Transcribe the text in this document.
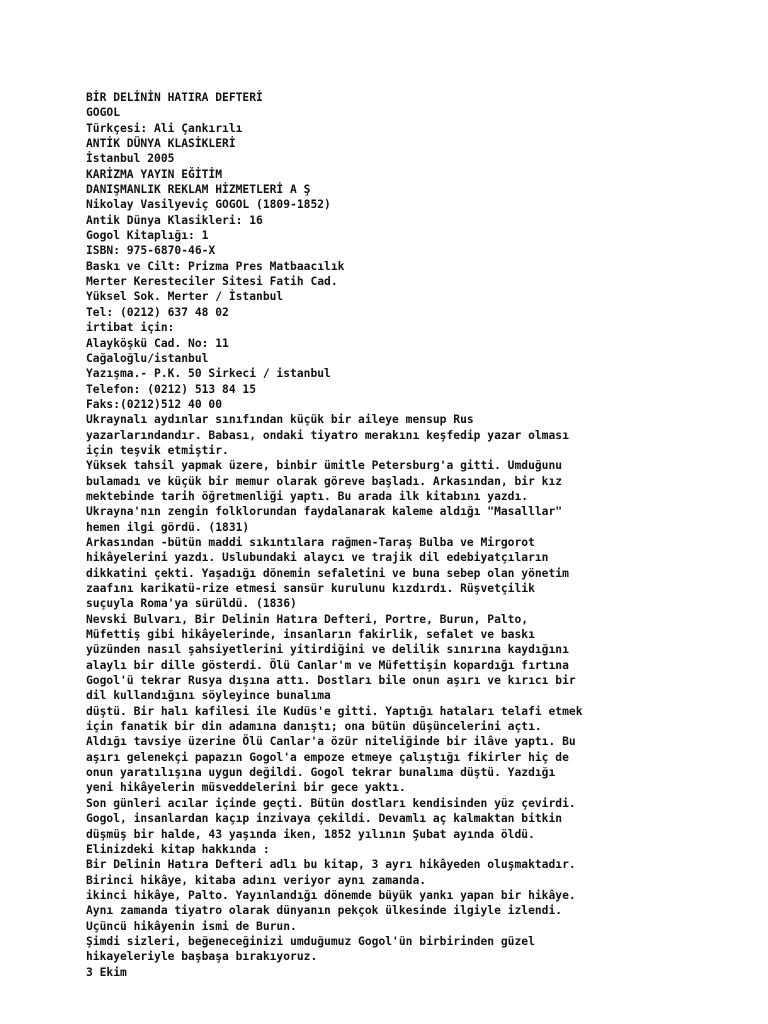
BİR DELİNİN HATIRA DEFTERİ
GOGOL
Türkçesi: Ali Çankırılı
ANTİK DÜNYA KLASİKLERİ
İstanbul 2005
KARİZMA YAYIN EĞİTİM
DANIŞMANLIK REKLAM HİZMETLERİ A Ş
Nikolay Vasilyeviç GOGOL (1809-1852)
Antik Dünya Klasikleri: 16
Gogol Kitaplığı: 1
ISBN: 975-6870-46-X
Baskı ve Cilt: Prizma Pres Matbaacılık
Merter Keresteciler Sitesi Fatih Cad.
Yüksel Sok. Merter / İstanbul
Tel: (0212) 637 48 02
irtibat için:
Alayköşkü Cad. No: 11
Cağaloğlu/istanbul
Yazışma.- P.K. 50 Sirkeci / istanbul
Telefon: (0212) 513 84 15
Faks:(0212)512 40 00
Ukraynalı aydınlar sınıfından küçük bir aileye mensup Rus
yazarlarındandır. Babası, ondaki tiyatro merakını keşfedip yazar olması
için teşvik etmiştir.
Yüksek tahsil yapmak üzere, binbir ümitle Petersburg'a gitti. Umduğunu
bulamadı ve küçük bir memur olarak göreve başladı. Arkasından, bir kız
mektebinde tarih öğretmenliği yaptı. Bu arada ilk kitabını yazdı.
Ukrayna'nın zengin folklorundan faydalanarak kaleme aldığı "Masalllar"
hemen ilgi gördü. (1831)
Arkasından -bütün maddi sıkıntılara rağmen-Taraş Bulba ve Mirgorot
hikâyelerini yazdı. Uslubundaki alaycı ve trajik dil edebiyatçıların
dikkatini çekti. Yaşadığı dönemin sefaletini ve buna sebep olan yönetim
zaafını karikatü-rize etmesi sansür kurulunu kızdırdı. Rüşvetçilik
suçuyla Roma'ya sürüldü. (1836)
Nevski Bulvarı, Bir Delinin Hatıra Defteri, Portre, Burun, Palto,
Müfettiş gibi hikâyelerinde, insanların fakirlik, sefalet ve baskı
yüzünden nasıl şahsiyetlerini yitirdiğini ve delilik sınırına kaydığını
alaylı bir dille gösterdi. Ölü Canlar'm ve Müfettişin kopardığı fırtına
Gogol'ü tekrar Rusya dışına attı. Dostları bile onun aşırı ve kırıcı bir
dil kullandığını söyleyince bunalıma
düştü. Bir halı kafilesi ile Kudüs'e gitti. Yaptığı hataları telafi etmek
için fanatik bir din adamına danıştı; ona bütün düşüncelerini açtı.
Aldığı tavsiye üzerine Ölü Canlar'a özür niteliğinde bir ilâve yaptı. Bu
aşırı gelenekçi papazın Gogol'a empoze etmeye çalıştığı fikirler hiç de
onun yaratılışına uygun değildi. Gogol tekrar bunalıma düştü. Yazdığı
yeni hikâyelerin müsveddelerini bir gece yaktı.
Son günleri acılar içinde geçti. Bütün dostları kendisinden yüz çevirdi.
Gogol, insanlardan kaçıp inzivaya çekildi. Devamlı aç kalmaktan bitkin
düşmüş bir halde, 43 yaşında iken, 1852 yılının Şubat ayında öldü.
Elinizdeki kitap hakkında :
Bir Delinin Hatıra Defteri adlı bu kitap, 3 ayrı hikâyeden oluşmaktadır.
Birinci hikâye, kitaba adını veriyor aynı zamanda.
ikinci hikâye, Palto. Yayınlandığı dönemde büyük yankı yapan bir hikâye.
Aynı zamanda tiyatro olarak dünyanın pekçok ülkesinde ilgiyle izlendi.
Uçüncü hikâyenin ismi de Burun.
Şimdi sizleri, beğeneceğinizi umduğumuz Gogol'ün birbirinden güzel
hikayeleriyle başbaşa bırakıyoruz.
3 Ekim
